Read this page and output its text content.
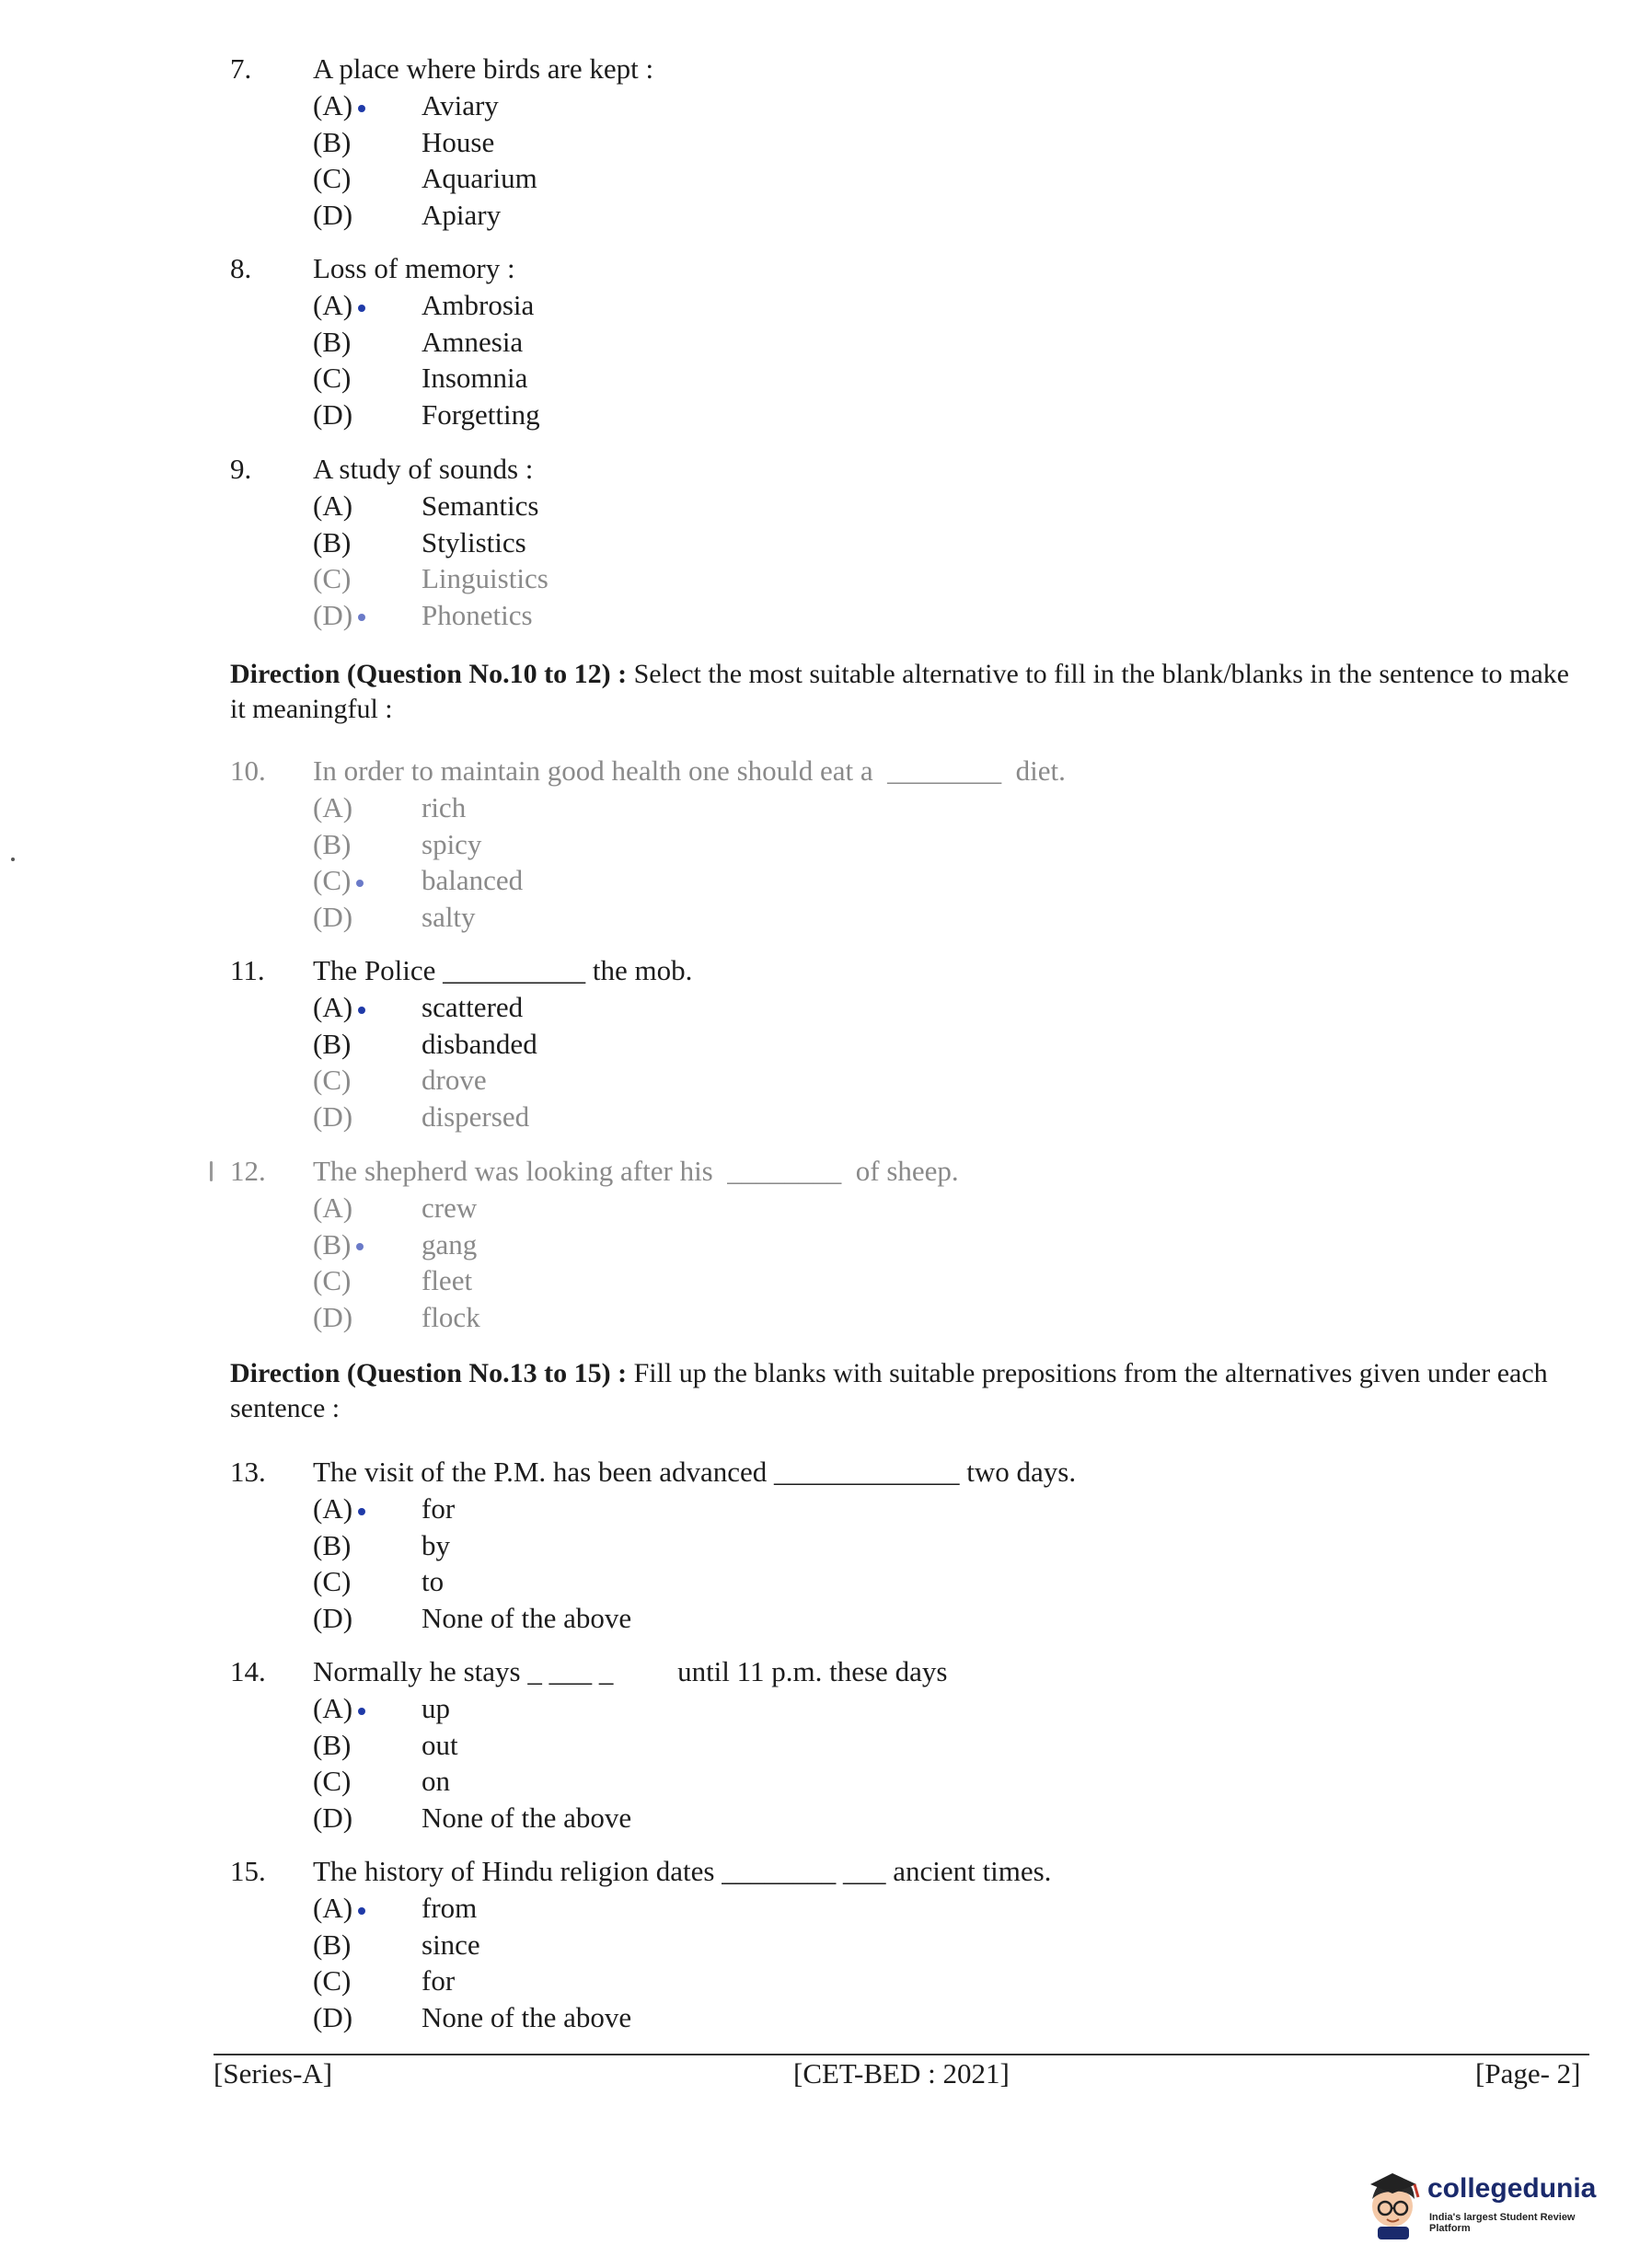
7.	A place where birds are kept :
(A)	Aviary
(B)	House
(C)	Aquarium
(D)	Apiary
8.	Loss of memory :
(A)	Ambrosia
(B)	Amnesia
(C)	Insomnia
(D)	Forgetting
9.	A study of sounds :
(A)	Semantics
(B)	Stylistics
(C)	Linguistics
(D)	Phonetics
Direction (Question No.10 to 12) : Select the most suitable alternative to fill in the blank/blanks in the sentence to make it meaningful :
10.	In order to maintain good health one should eat a  ________  diet.
(A)	rich
(B)	spicy
(C)	balanced
(D)	salty
11.	The Police __________ the mob.
(A)	scattered
(B)	disbanded
(C)	drove
(D)	dispersed
12.	The shepherd was looking after his  ________  of sheep.
(A)	crew
(B)	gang
(C)	fleet
(D)	flock
Direction (Question No.13 to 15) : Fill up the blanks with suitable prepositions from the alternatives given under each sentence :
13.	The visit of the P.M. has been advanced _____________ two days.
(A)	for
(B)	by
(C)	to
(D)	None of the above
14.	Normally he stays _ ___ _         until 11 p.m. these days
(A)	up
(B)	out
(C)	on
(D)	None of the above
15.	The history of Hindu religion dates ________ ___ ancient times.
(A)	from
(B)	since
(C)	for
(D)	None of the above
[Series-A]	[CET-BED : 2021]	[Page- 2]
collegedunia
India's largest Student Review Platform
